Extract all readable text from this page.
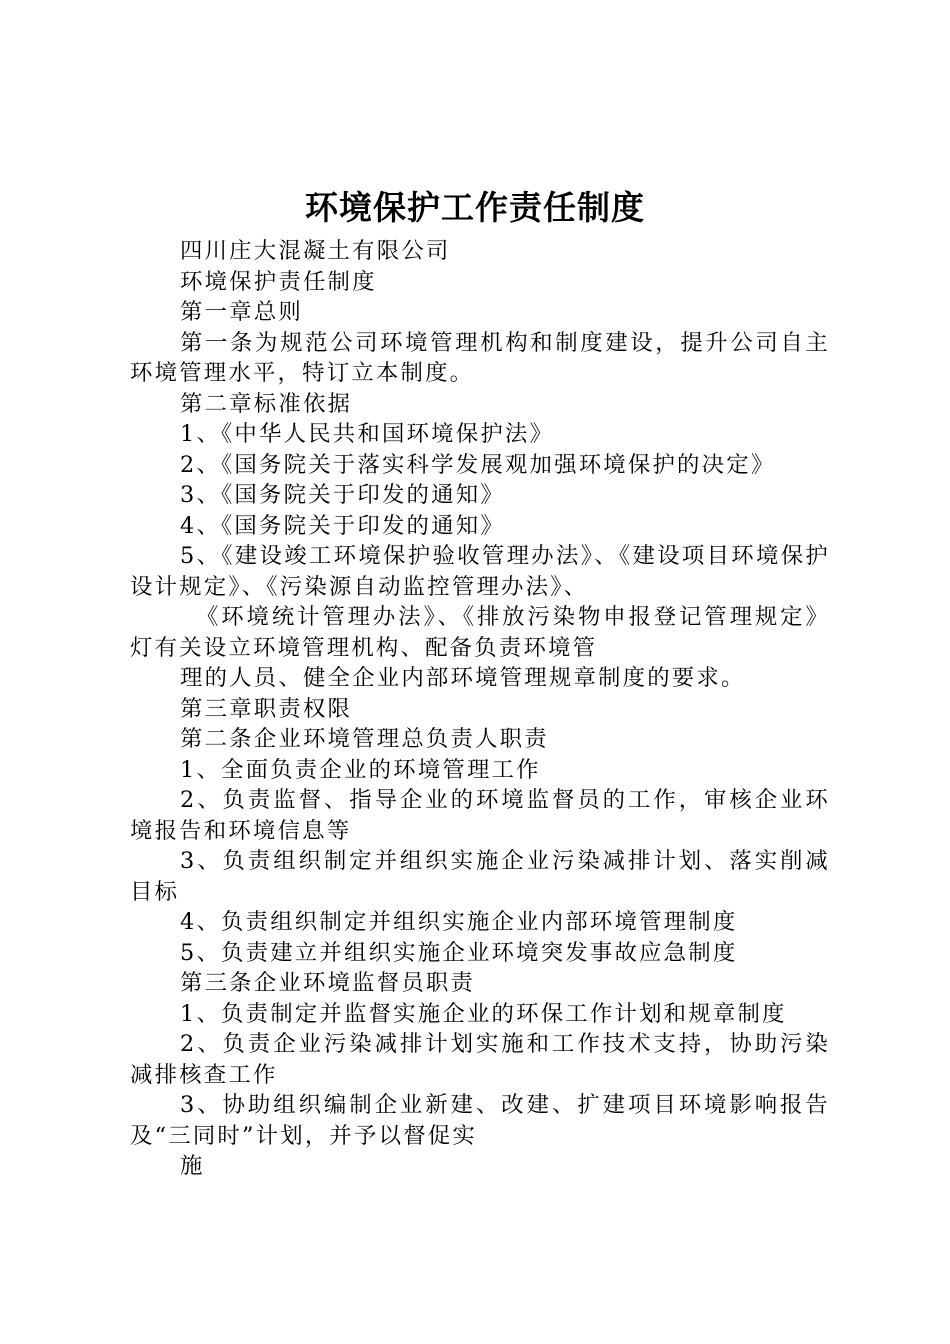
环境保护工作责任制度

四川庄大混凝土有限公司

环境保护责任制度

第一章总则

第一条为规范公司环境管理机构和制度建设，提升公司自主环境管理水平，特订立本制度。

第二章标准依据

1、《中华人民共和国环境保护法》

2、《国务院关于落实科学发展观加强环境保护的决定》

3、《国务院关于印发的通知》

4、《国务院关于印发的通知》

5、《建设竣工环境保护验收管理办法》、《建设项目环境保护设计规定》、《污染源自动监控管理办法》、

《环境统计管理办法》、《排放污染物申报登记管理规定》灯有关设立环境管理机构、配备负责环境管

理的人员、健全企业内部环境管理规章制度的要求。

第三章职责权限

第二条企业环境管理总负责人职责

1、全面负责企业的环境管理工作

2、负责监督、指导企业的环境监督员的工作，审核企业环境报告和环境信息等

3、负责组织制定并组织实施企业污染减排计划、落实削减目标

4、负责组织制定并组织实施企业内部环境管理制度

5、负责建立并组织实施企业环境突发事故应急制度

第三条企业环境监督员职责

1、负责制定并监督实施企业的环保工作计划和规章制度

2、负责企业污染减排计划实施和工作技术支持，协助污染减排核查工作

3、协助组织编制企业新建、改建、扩建项目环境影响报告及“三同时”计划，并予以督促实

施
